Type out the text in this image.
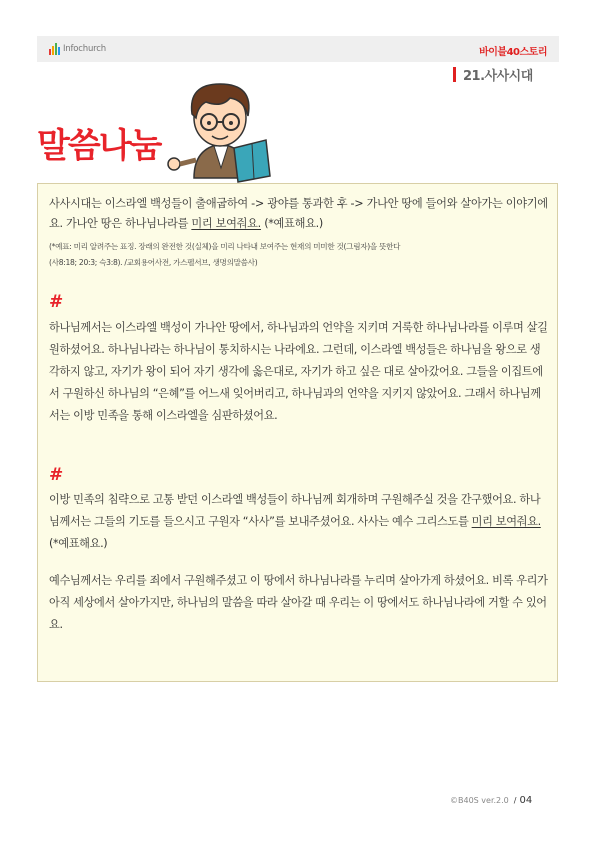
Infochurch	바이블40스토리
21.사사시대
말씀나눔
사사시대는 이스라엘 백성들이 출애굽하여 -> 광야를 통과한 후 -> 가나안 땅에 들어와 살아가는 이야기에요. 가나안 땅은 하나님나라를 미리 보여줘요. (*예표해요.)
(*예표: 미리 알려주는 표징. 장래의 완전한 것(실체)을 미리 나타내 보여주는 현재의 미미한 것(그림자)을 뜻한다
(사8:18; 20:3; 슥3:8). /교회용어사전, 가스펠서브, 생명의말씀사)
#
하나님께서는 이스라엘 백성이 가나안 땅에서, 하나님과의 언약을 지키며 거룩한 하나님나라를 이루며 살길 원하셨어요. 하나님나라는 하나님이 통치하시는 나라에요. 그런데, 이스라엘 백성들은 하나님을 왕으로 생각하지 않고, 자기가 왕이 되어 자기 생각에 옳은대로, 자기가 하고 싶은 대로 살아갔어요. 그들을 이집트에서 구원하신 하나님의 “은혜”를 어느새 잊어버리고, 하나님과의 언약을 지키지 않았어요. 그래서 하나님께서는 이방 민족을 통해 이스라엘을 심판하셨어요.
#
이방 민족의 침략으로 고통 받던 이스라엘 백성들이 하나님께 회개하며 구원해주실 것을 간구했어요. 하나님께서는 그들의 기도를 들으시고 구원자 “사사”를 보내주셨어요. 사사는 예수 그리스도를 미리 보여줘요. (*예표해요.)
예수님께서는 우리를 죄에서 구원해주셨고 이 땅에서 하나님나라를 누리며 살아가게 하셨어요. 비록 우리가 아직 세상에서 살아가지만, 하나님의 말씀을 따라 살아갈 때 우리는 이 땅에서도 하나님나라에 거할 수 있어요.
©B40S ver.2.0 / 04
